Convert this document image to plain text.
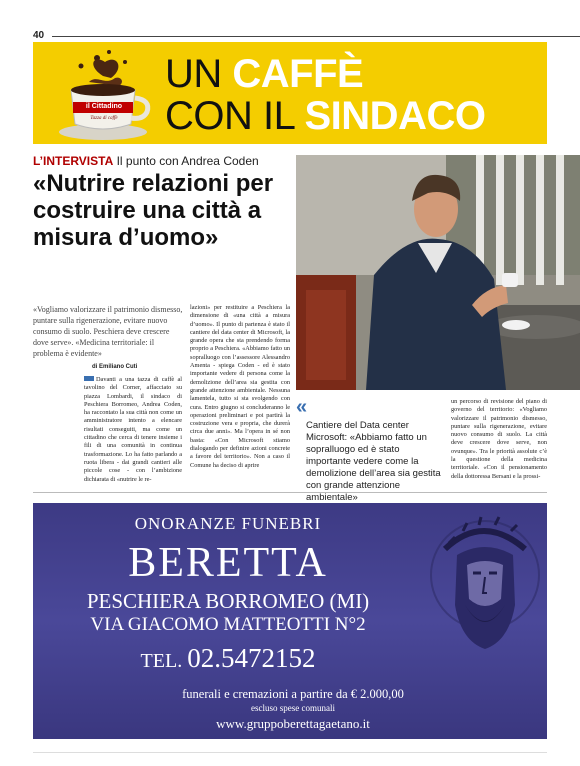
40
il Cittadino
Tazza di caffè
UN CAFFÈ
CON IL SINDACO
L’INTERVISTA Il punto con Andrea Coden
«Nutrire relazioni per costruire una città a misura d’uomo»
«Vogliamo valorizzare il patrimonio dismesso, puntare sulla rigenerazione, evitare nuovo consumo di suolo. Peschiera deve crescere dove serve». «Medicina territoriale: il problema è evidente»
di Emiliano Cuti

Davanti a una tazza di caffè al tavolino del Corner, affacciato su piazza Lombardi, il sindaco di Peschiera Borromeo, Andrea Coden, ha raccontato la sua città non come un amministratore intento a elencare risultati conseguiti, ma come un cittadino che cerca di tenere insieme i fili di una comunità in continua trasformazione. Lo ha fatto parlando a ruota libera - dai grandi cantieri alle piccole cose - con l’ambizione dichiarata di «nutrire le re-

lazioni» per restituire a Peschiera la dimensione di «una città a misura d’uomo». Il punto di partenza è stato il cantiere del data center di Microsoft, la grande opera che sta prendendo forma proprio a Peschiera. «Abbiamo fatto un sopralluogo con l’assessore Alessandro Amenta - spiega Coden - ed è stato importante vedere di persona come la demolizione dell’area sia gestita con grande attenzione ambientale. Nessuna lamentela, tutto si sta svolgendo con cura. Entro giugno si concluderanno le operazioni preliminari e poi partirà la costruzione vera e propria, che durerà circa due anni». Ma l’opera in sé non basta: «Con Microsoft stiamo dialogando per definire azioni concrete a favore del territorio». Non a caso il Comune ha deciso di aprire

«

Cantiere del Data center Microsoft: «Abbiamo fatto un sopralluogo ed è stato importante vedere come la demolizione dell’area sia gestita con grande attenzione ambientale»

un percorso di revisione del piano di governo del territorio: «Vogliamo valorizzare il patrimonio dismesso, puntare sulla rigenerazione, evitare nuovo consumo di suolo. La città deve crescere dove serve, non ovunque». Tra le priorità assolute c’è la questione della medicina territoriale. «Con il pensionamento della dottoressa Bersani e la prossi-

ONORANZE FUNEBRI
BERETTA
PESCHIERA BORROMEO (MI)
VIA GIACOMO MATTEOTTI N°2
TEL. 02.5472152
funerali e cremazioni a partire da € 2.000,00
escluso spese comunali
www.gruppoberettagaetano.it
